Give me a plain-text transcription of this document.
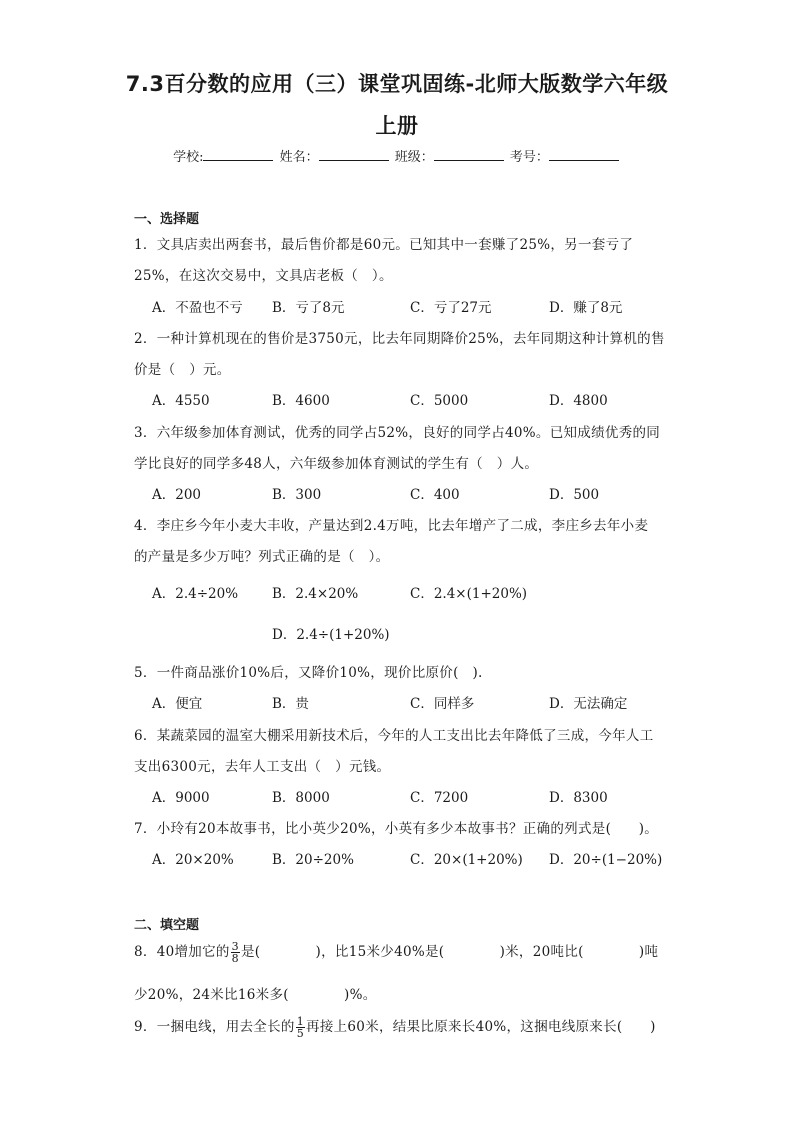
7.3百分数的应用（三）课堂巩固练-北师大版数学六年级
上册
学校:	姓名：	班级：	考号：
一、选择题
1．文具店卖出两套书，最后售价都是60元。已知其中一套赚了25%，另一套亏了
25%，在这次交易中，文具店老板（　）。
A．不盈也不亏 B．亏了8元	C．亏了27元	D．赚了8元
2．一种计算机现在的售价是3750元，比去年同期降价25%，去年同期这种计算机的售
价是（　）元。
A．4550	B．4600	C．5000	D．4800
3．六年级参加体育测试，优秀的同学占52%，良好的同学占40%。已知成绩优秀的同
学比良好的同学多48人，六年级参加体育测试的学生有（　）人。
A．200	B．300	C．400	D．500
4．李庄乡今年小麦大丰收，产量达到2.4万吨，比去年增产了二成，李庄乡去年小麦
的产量是多少万吨？列式正确的是（　）。
A．2.4÷20%	B．2.4×20%	C．2.4×(1+20%)
D．2.4÷(1+20%)
5．一件商品涨价10%后，又降价10%，现价比原价(　).
A．便宜	B．贵	C．同样多	D．无法确定
6．某蔬菜园的温室大棚采用新技术后，今年的人工支出比去年降低了三成，今年人工
支出6300元，去年人工支出（　）元钱。
A．9000	B．8000	C．7200	D．8300
7．小玲有20本故事书，比小英少20%，小英有多少本故事书？正确的列式是(　　)。
A．20×20%	B．20÷20%	C．20×(1+20%) D．20÷(1−20%)
二、填空题
8．40增加它的 $\frac{3}{8}$ 是(　　　　)，比15米少40%是(　　　　)米，20吨比(　　　　)吨
少20%，24米比16米多(　　　　)%。
9．一捆电线，用去全长的 $\frac{1}{5}$ 再接上60米，结果比原来长40%，这捆电线原来长(　　)
